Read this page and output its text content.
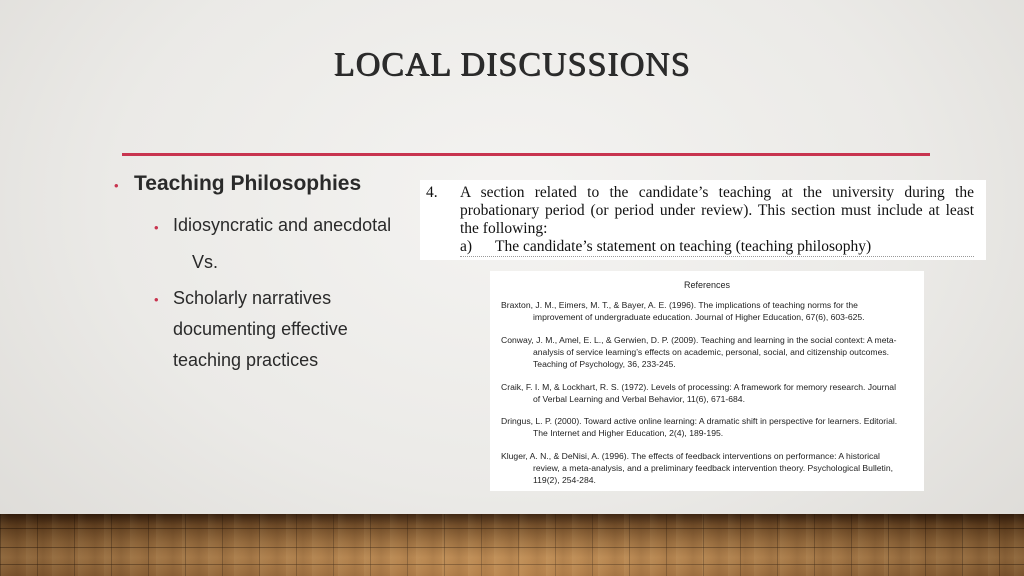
LOCAL DISCUSSIONS
• Teaching Philosophies
• Idiosyncratic and anecdotal
Vs.
• Scholarly narratives
documenting effective
teaching practices
4. A section related to the candidate’s teaching at the university during the probationary period (or period under review). This section must include at least the following:
a) The candidate’s statement on teaching (teaching philosophy)
References
Braxton, J. M., Eimers, M. T., & Bayer, A. E. (1996). The implications of teaching norms for the
improvement of undergraduate education. Journal of Higher Education, 67(6), 603-625.
Conway, J. M., Amel, E. L., & Gerwien, D. P. (2009). Teaching and learning in the social context: A meta-
analysis of service learning’s effects on academic, personal, social, and citizenship outcomes.
Teaching of Psychology, 36, 233-245.
Craik, F. I. M, & Lockhart, R. S. (1972). Levels of processing: A framework for memory research. Journal
of Verbal Learning and Verbal Behavior, 11(6), 671-684.
Dringus, L. P. (2000). Toward active online learning: A dramatic shift in perspective for learners. Editorial.
The Internet and Higher Education, 2(4), 189-195.
Kluger, A. N., & DeNisi, A. (1996). The effects of feedback interventions on performance: A historical
review, a meta-analysis, and a preliminary feedback intervention theory. Psychological Bulletin,
119(2), 254-284.
